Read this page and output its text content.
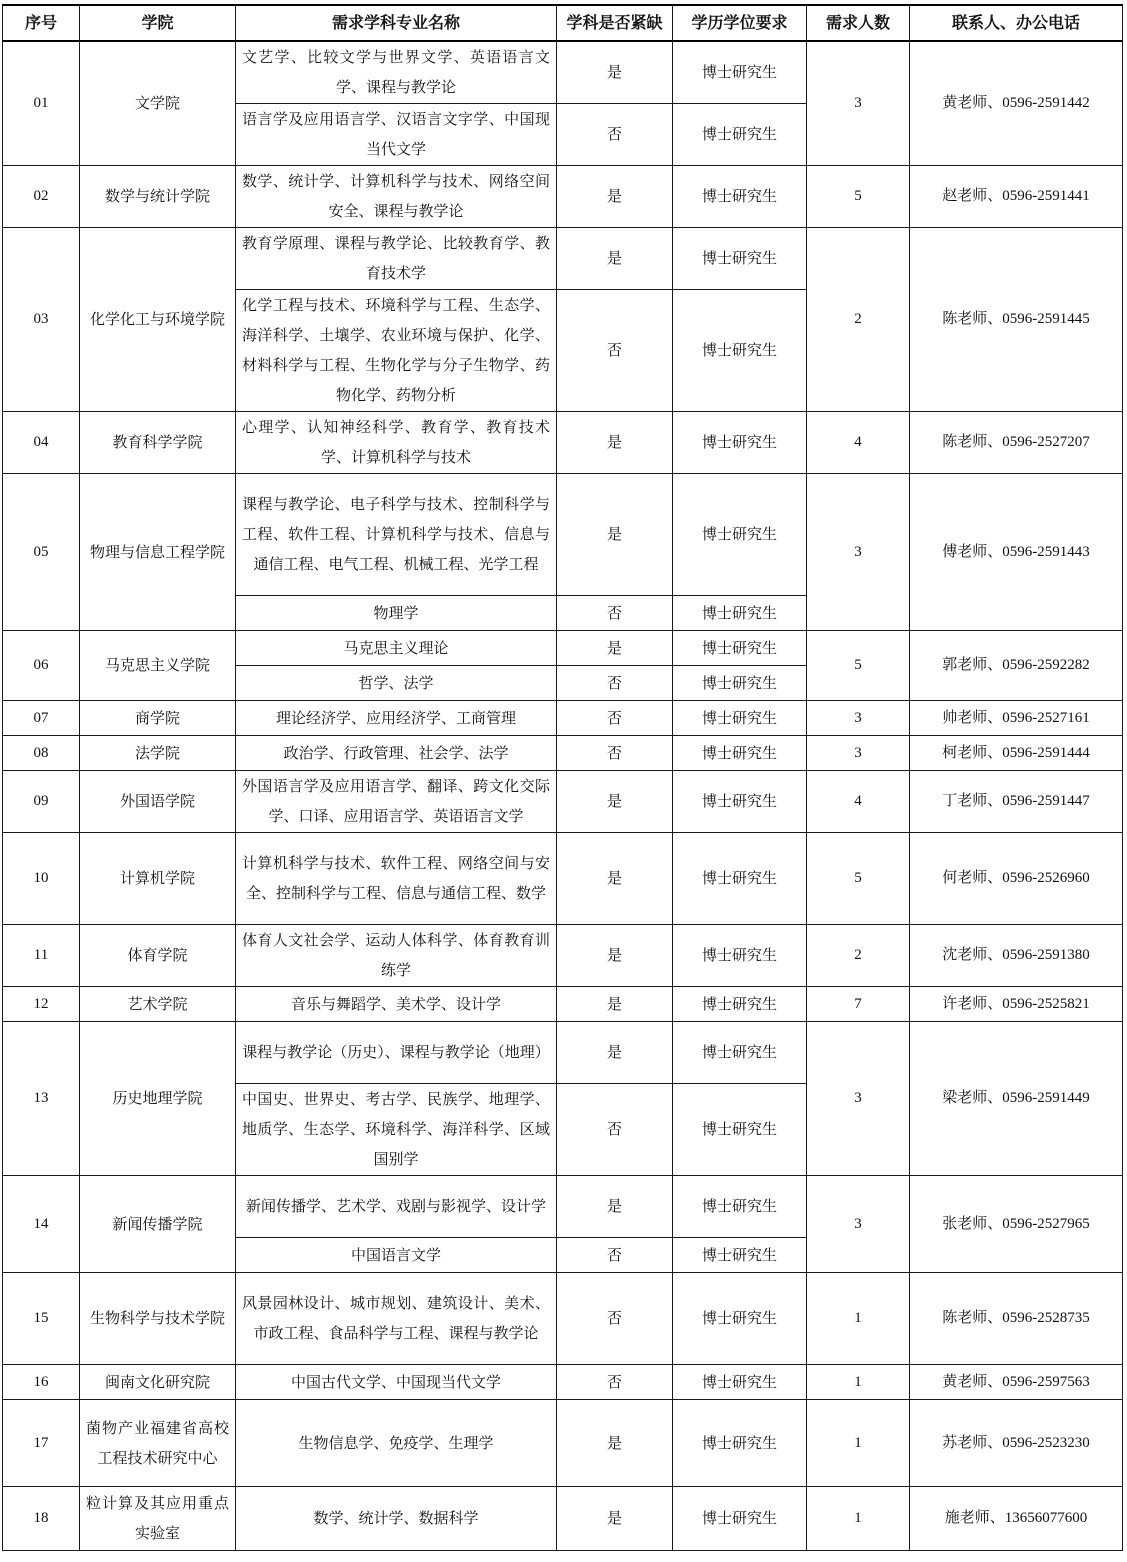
序号	学院	需求学科专业名称	学科是否紧缺	学历学位要求	需求人数	联系人、办公电话
01	文学院	文艺学、比较文学与世界文学、英语语言文学、课程与教学论	是	博士研究生	3	黄老师、0596-2591442
		语言学及应用语言学、汉语言文字学、中国现当代文学	否	博士研究生		
02	数学与统计学院	数学、统计学、计算机科学与技术、网络空间安全、课程与教学论	是	博士研究生	5	赵老师、0596-2591441
03	化学化工与环境学院	教育学原理、课程与教学论、比较教育学、教育技术学	是	博士研究生	2	陈老师、0596-2591445
		化学工程与技术、环境科学与工程、生态学、海洋科学、土壤学、农业环境与保护、化学、材料科学与工程、生物化学与分子生物学、药物化学、药物分析	否	博士研究生		
04	教育科学学院	心理学、认知神经科学、教育学、教育技术学、计算机科学与技术	是	博士研究生	4	陈老师、0596-2527207
05	物理与信息工程学院	课程与教学论、电子科学与技术、控制科学与工程、软件工程、计算机科学与技术、信息与通信工程、电气工程、机械工程、光学工程	是	博士研究生	3	傅老师、0596-2591443
		物理学	否	博士研究生		
06	马克思主义学院	马克思主义理论	是	博士研究生	5	郭老师、0596-2592282
		哲学、法学	否	博士研究生		
07	商学院	理论经济学、应用经济学、工商管理	否	博士研究生	3	帅老师、0596-2527161
08	法学院	政治学、行政管理、社会学、法学	否	博士研究生	3	柯老师、0596-2591444
09	外国语学院	外国语言学及应用语言学、翻译、跨文化交际学、口译、应用语言学、英语语言文学	是	博士研究生	4	丁老师、0596-2591447
10	计算机学院	计算机科学与技术、软件工程、网络空间与安全、控制科学与工程、信息与通信工程、数学	是	博士研究生	5	何老师、0596-2526960
11	体育学院	体育人文社会学、运动人体科学、体育教育训练学	是	博士研究生	2	沈老师、0596-2591380
12	艺术学院	音乐与舞蹈学、美术学、设计学	是	博士研究生	7	许老师、0596-2525821
13	历史地理学院	课程与教学论（历史）、课程与教学论（地理）	是	博士研究生	3	梁老师、0596-2591449
		中国史、世界史、考古学、民族学、地理学、地质学、生态学、环境科学、海洋科学、区域国别学	否	博士研究生		
14	新闻传播学院	新闻传播学、艺术学、戏剧与影视学、设计学	是	博士研究生	3	张老师、0596-2527965
		中国语言文学	否	博士研究生		
15	生物科学与技术学院	风景园林设计、城市规划、建筑设计、美术、市政工程、食品科学与工程、课程与教学论	否	博士研究生	1	陈老师、0596-2528735
16	闽南文化研究院	中国古代文学、中国现当代文学	否	博士研究生	1	黄老师、0596-2597563
17	菌物产业福建省高校工程技术研究中心	生物信息学、免疫学、生理学	是	博士研究生	1	苏老师、0596-2523230
18	粒计算及其应用重点实验室	数学、统计学、数据科学	是	博士研究生	1	施老师、13656077600
